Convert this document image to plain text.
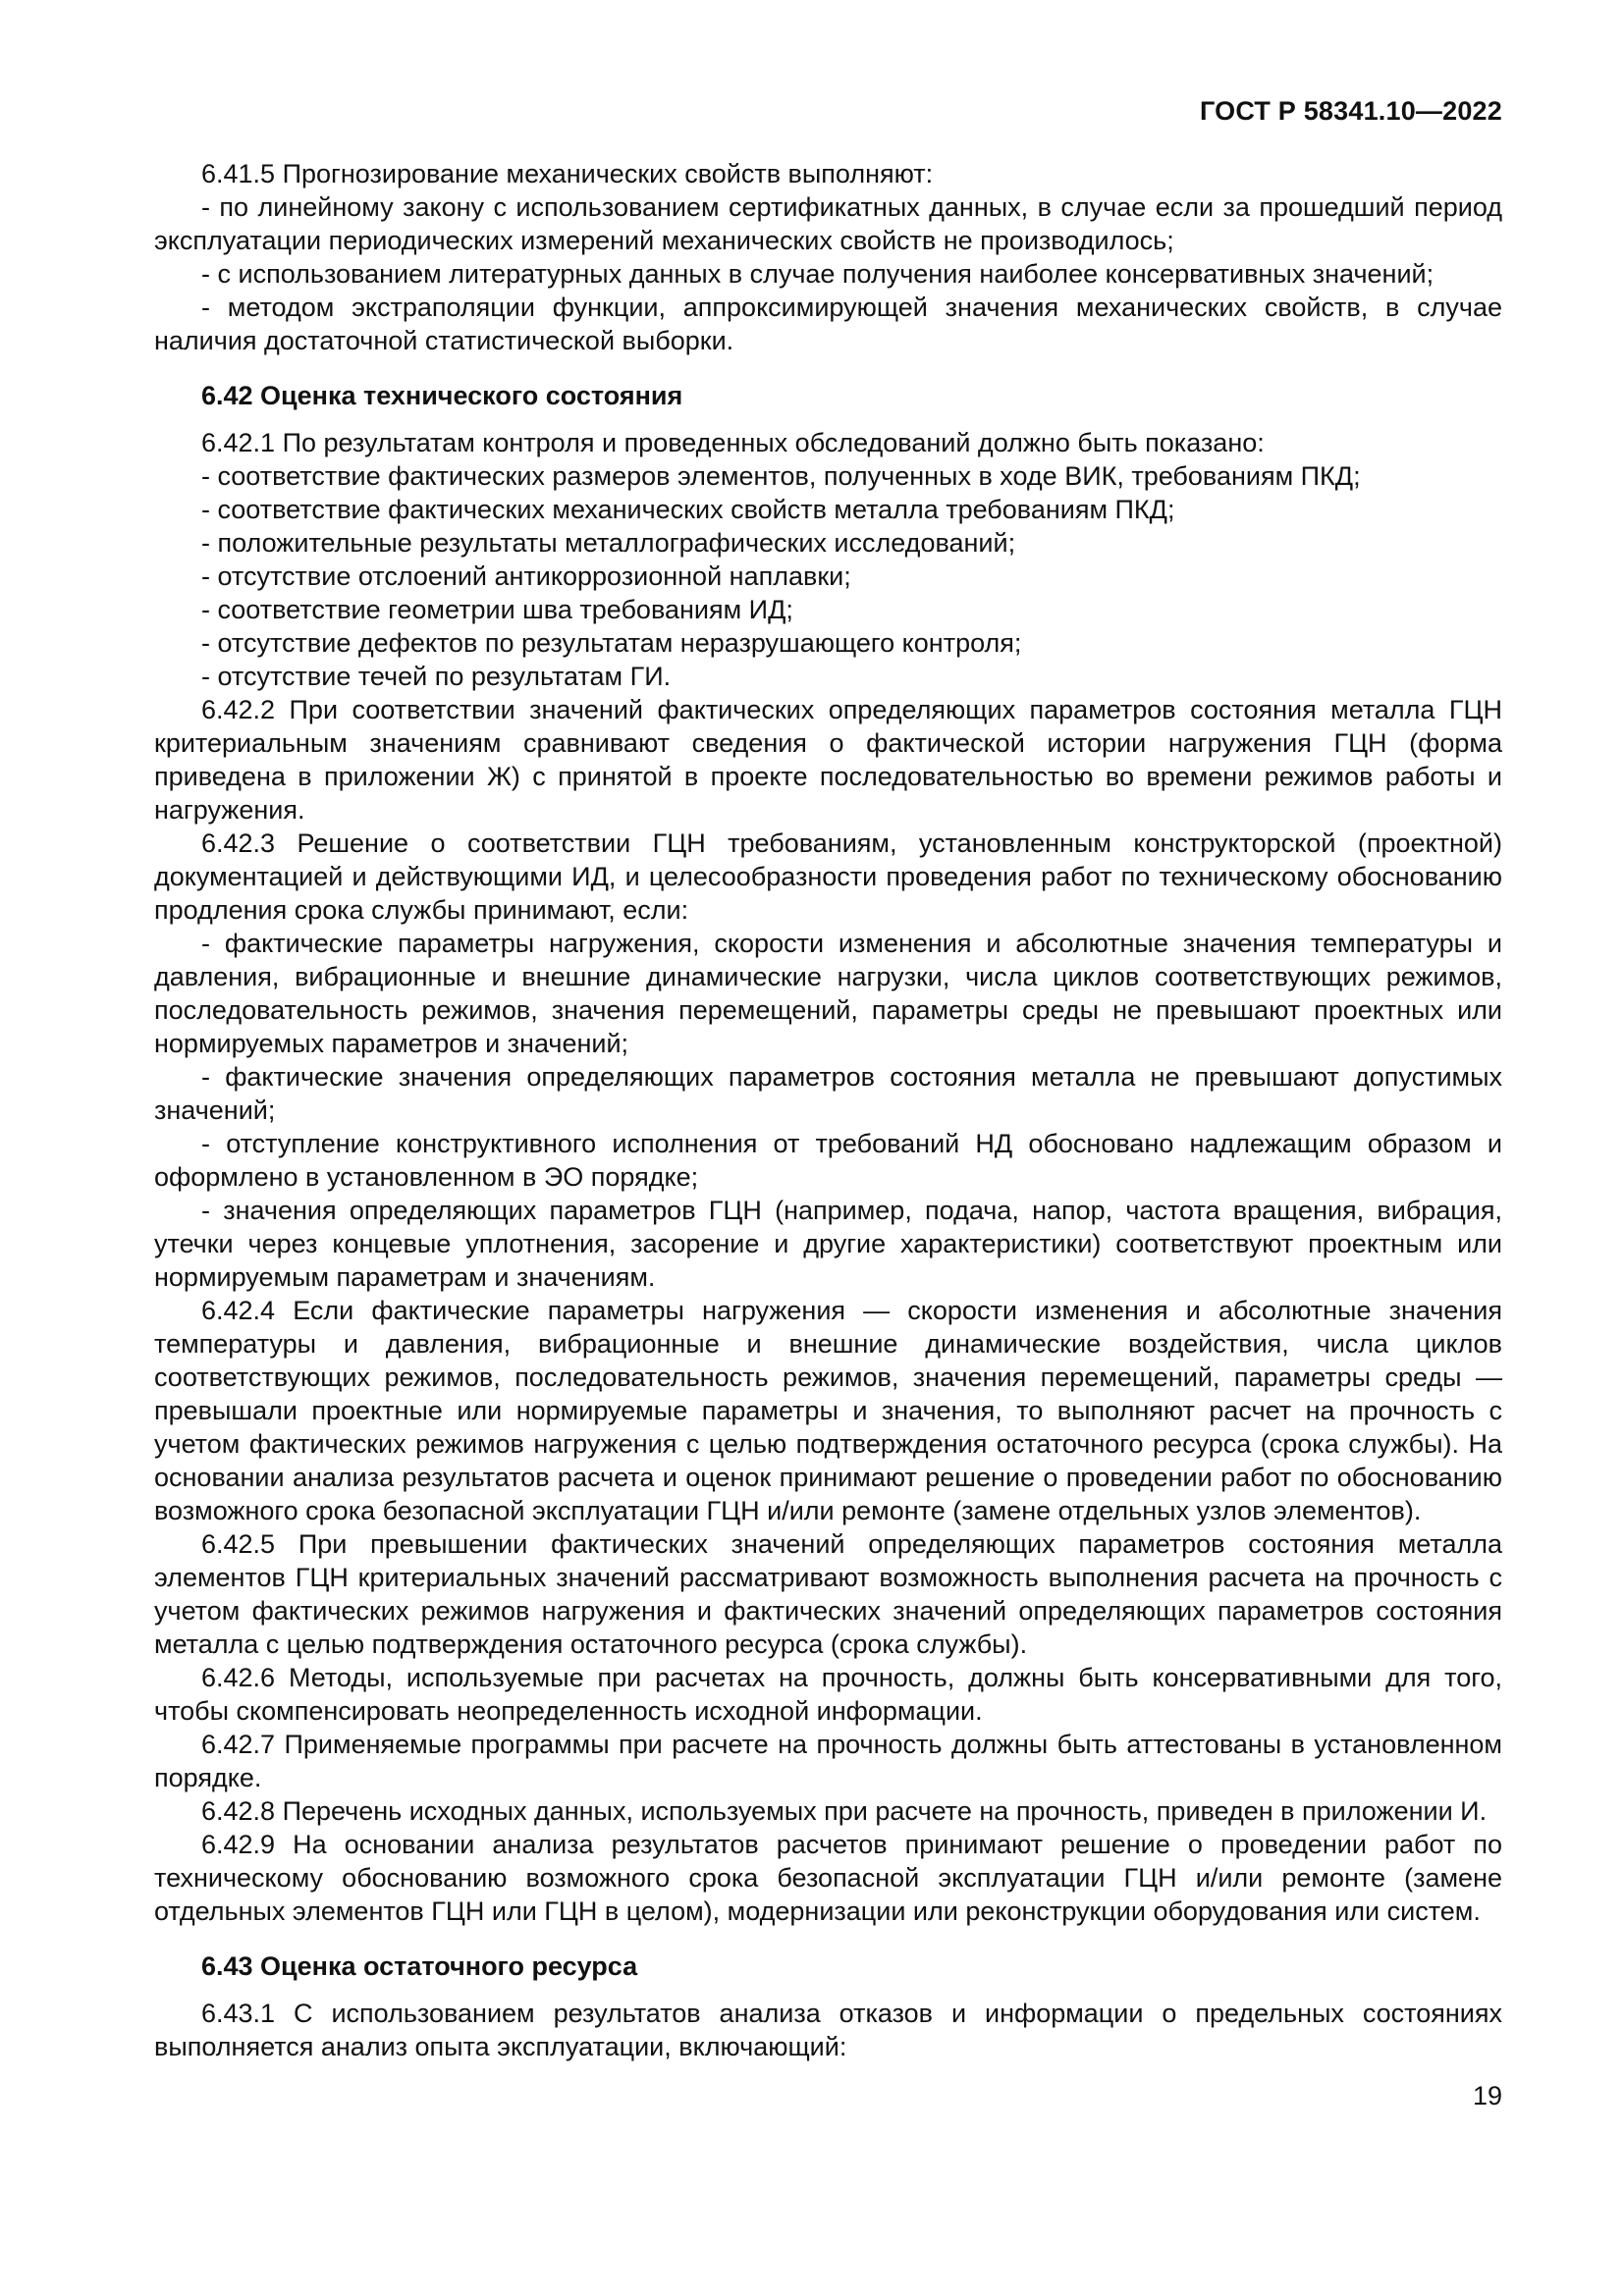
ГОСТ Р 58341.10—2022

6.41.5 Прогнозирование механических свойств выполняют:

- по линейному закону с использованием сертификатных данных, в случае если за прошедший период эксплуатации периодических измерений механических свойств не производилось;

- с использованием литературных данных в случае получения наиболее консервативных значений;

- методом экстраполяции функции, аппроксимирующей значения механических свойств, в случае наличия достаточной статистической выборки.

6.42 Оценка технического состояния

6.42.1 По результатам контроля и проведенных обследований должно быть показано:

- соответствие фактических размеров элементов, полученных в ходе ВИК, требованиям ПКД;

- соответствие фактических механических свойств металла требованиям ПКД;

- положительные результаты металлографических исследований;

- отсутствие отслоений антикоррозионной наплавки;

- соответствие геометрии шва требованиям ИД;

- отсутствие дефектов по результатам неразрушающего контроля;

- отсутствие течей по результатам ГИ.

6.42.2 При соответствии значений фактических определяющих параметров состояния металла ГЦН критериальным значениям сравнивают сведения о фактической истории нагружения ГЦН (форма приведена в приложении Ж) с принятой в проекте последовательностью во времени режимов работы и нагружения.

6.42.3 Решение о соответствии ГЦН требованиям, установленным конструкторской (проектной) документацией и действующими ИД, и целесообразности проведения работ по техническому обоснованию продления срока службы принимают, если:

- фактические параметры нагружения, скорости изменения и абсолютные значения температуры и давления, вибрационные и внешние динамические нагрузки, числа циклов соответствующих режимов, последовательность режимов, значения перемещений, параметры среды не превышают проектных или нормируемых параметров и значений;

- фактические значения определяющих параметров состояния металла не превышают допустимых значений;

- отступление конструктивного исполнения от требований НД обосновано надлежащим образом и оформлено в установленном в ЭО порядке;

- значения определяющих параметров ГЦН (например, подача, напор, частота вращения, вибрация, утечки через концевые уплотнения, засорение и другие характеристики) соответствуют проектным или нормируемым параметрам и значениям.

6.42.4 Если фактические параметры нагружения — скорости изменения и абсолютные значения температуры и давления, вибрационные и внешние динамические воздействия, числа циклов соответствующих режимов, последовательность режимов, значения перемещений, параметры среды — превышали проектные или нормируемые параметры и значения, то выполняют расчет на прочность с учетом фактических режимов нагружения с целью подтверждения остаточного ресурса (срока службы). На основании анализа результатов расчета и оценок принимают решение о проведении работ по обоснованию возможного срока безопасной эксплуатации ГЦН и/или ремонте (замене отдельных узлов элементов).

6.42.5 При превышении фактических значений определяющих параметров состояния металла элементов ГЦН критериальных значений рассматривают возможность выполнения расчета на прочность с учетом фактических режимов нагружения и фактических значений определяющих параметров состояния металла с целью подтверждения остаточного ресурса (срока службы).

6.42.6 Методы, используемые при расчетах на прочность, должны быть консервативными для того, чтобы скомпенсировать неопределенность исходной информации.

6.42.7 Применяемые программы при расчете на прочность должны быть аттестованы в установленном порядке.

6.42.8 Перечень исходных данных, используемых при расчете на прочность, приведен в приложении И.

6.42.9 На основании анализа результатов расчетов принимают решение о проведении работ по техническому обоснованию возможного срока безопасной эксплуатации ГЦН и/или ремонте (замене отдельных элементов ГЦН или ГЦН в целом), модернизации или реконструкции оборудования или систем.

6.43 Оценка остаточного ресурса

6.43.1 С использованием результатов анализа отказов и информации о предельных состояниях выполняется анализ опыта эксплуатации, включающий:

19
